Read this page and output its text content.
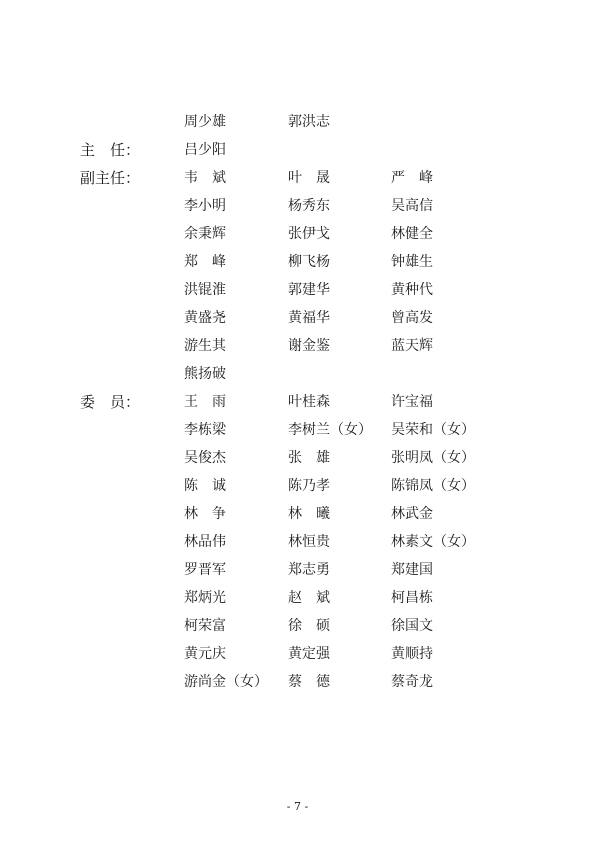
周少雄	郭洪志
主　任：	吕少阳
副主任：	韦　斌	叶　晟	严　峰
李小明	杨秀东	吴高信
余秉辉	张伊戈	林健全
郑　峰	柳飞杨	钟雄生
洪锟淮	郭建华	黄种代
黄盛尧	黄福华	曾高发
游生其	谢金鉴	蓝天辉
熊扬破
委　员：	王　雨	叶桂森	许宝福
李栋梁	李树兰（女） 吴荣和（女）
吴俊杰	张　雄	张明凤（女）
陈　诚	陈乃孝	陈锦凤（女）
林　争	林　曦	林武金
林品伟	林恒贵	林素文（女）
罗晋军	郑志勇	郑建国
郑炳光	赵　斌	柯昌栋
柯荣富	徐　硕	徐国文
黄元庆	黄定强	黄顺持
游尚金（女） 蔡　德	蔡奇龙
- 7 -
